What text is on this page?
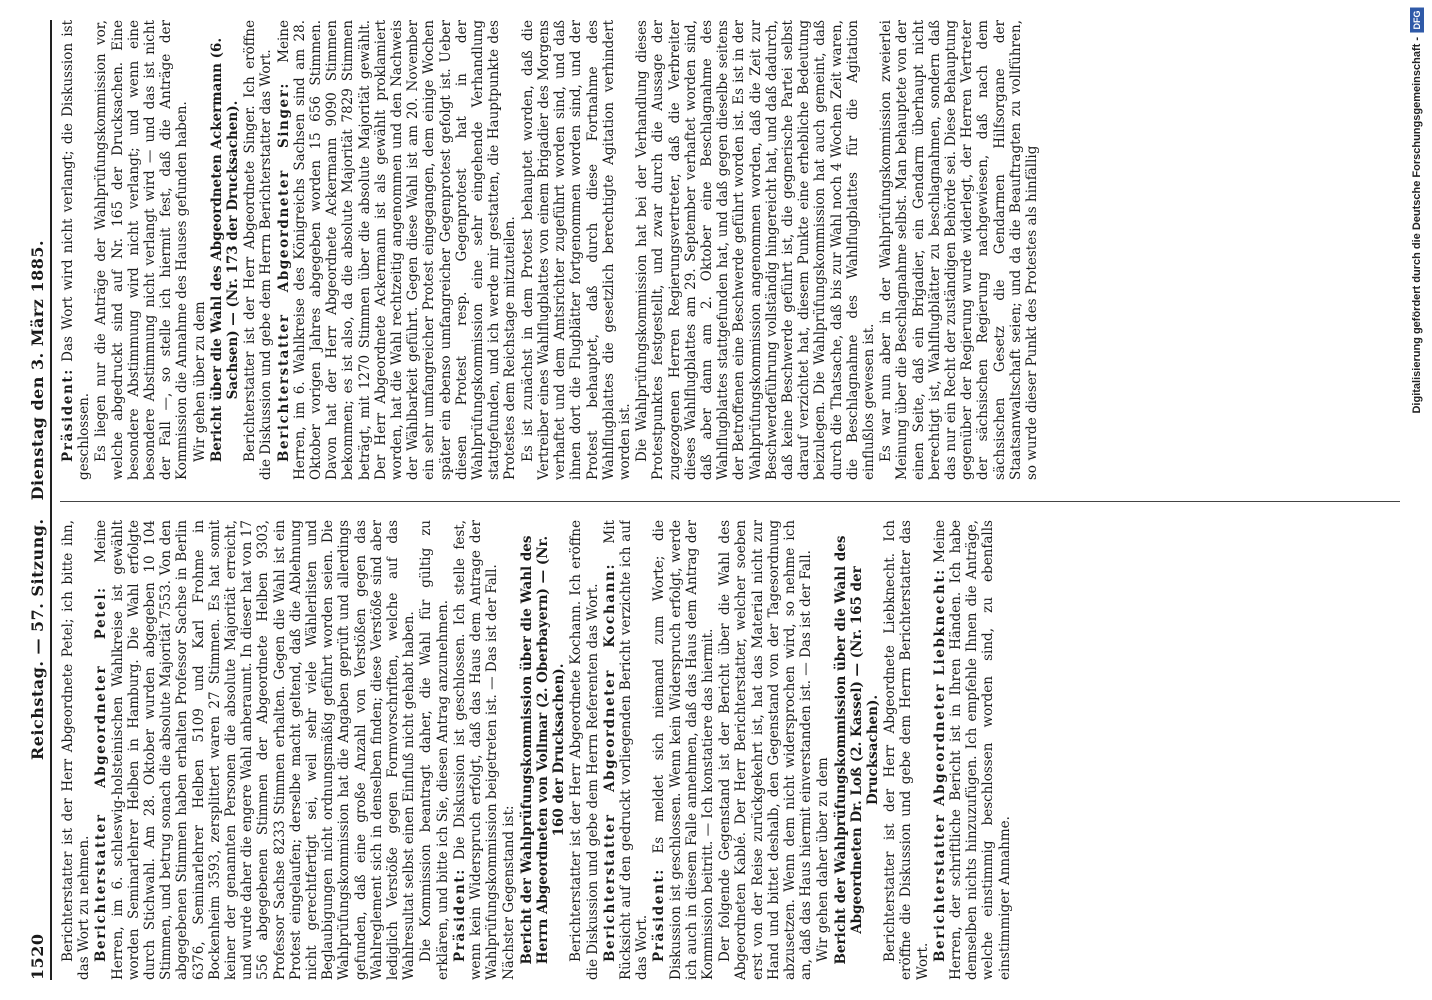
1520
Reichstag. — 57. Sitzung. Dienstag den 3. März 1885.

Berichterstatter ist der Herr Abgeordnete Petel; ich bitte ihn, das Wort zu nehmen. Berichterstatter Abgeordneter Petel: Meine Herren, im 6. schleswig-holsteinischen Wahlkreise ist gewählt worden Seminarlehrer Helben in Hamburg. Die Wahl erfolgte durch Stichwahl. Am 28. Oktober wurden abgegeben 10 104 Stimmen, und betrug sonach die absolute Majorität 7553. Von den abgegebenen Stimmen haben erhalten Professor Sachse in Berlin 6376, Seminarlehrer Helben 5109 und Karl Frohme in Bockenheim 3593, zersplittert waren 27 Stimmen. Es hat somit keiner der genannten Personen die absolute Majorität erreicht, und wurde daher die engere Wahl anberaumt. In dieser hat von 17 556 abgegebenen Stimmen der Abgeordnete Helben 9303, Professor Sachse 8233 Stimmen erhalten. Gegen die Wahl ist ein Protest eingelaufen; derselbe macht geltend, daß die Ablehnung nicht gerechtfertigt sei, weil sehr viele Wählerlisten und Beglaubigungen nicht ordnungsmäßig geführt worden seien. Die Wahlprüfungskommission hat die Angaben geprüft und allerdings gefunden, daß eine große Anzahl von Verstößen gegen das Wahlreglement sich in denselben finden; diese Verstöße sind aber lediglich Verstöße gegen Formvorschriften, welche auf das Wahlresultat selbst einen Einfluß nicht gehabt haben. Die Kommission beantragt daher, die Wahl für gültig zu erklären, und bitte ich Sie, diesen Antrag anzunehmen. Präsident: Die Diskussion ist geschlossen. Ich stelle fest, wenn kein Widerspruch erfolgt, daß das Haus dem Antrage der Wahlprüfungskommission beigetreten ist. — Das ist der Fall. Nächster Gegenstand ist: Bericht der Wahlprüfungskommission über die Wahl des Herrn Abgeordneten von Vollmar (2. Oberbayern) — (Nr. 160 der Drucksachen). Berichterstatter ist der Herr Abgeordnete Kochann. Ich eröffne die Diskussion und gebe dem Herrn Referenten das Wort. Berichterstatter Abgeordneter Kochann: Mit Rücksicht auf den gedruckt vorliegenden Bericht verzichte ich auf das Wort. Präsident: Es meldet sich niemand zum Worte; die Diskussion ist geschlossen. Wenn kein Widerspruch erfolgt, werde ich auch in diesem Falle annehmen, daß das Haus dem Antrag der Kommission beitritt. — Ich konstatiere das hiermit. Der folgende Gegenstand ist der Bericht über die Wahl des Abgeordneten Kablé. Der Herr Berichterstatter, welcher soeben erst von der Reise zurückgekehrt ist, hat das Material nicht zur Hand und bittet deshalb, den Gegenstand von der Tagesordnung abzusetzen. Wenn dem nicht widersprochen wird, so nehme ich an, daß das Haus hiermit einverstanden ist. — Das ist der Fall. Wir gehen daher über zu dem Bericht der Wahlprüfungskommission über die Wahl des Abgeordneten Dr. Loß (2. Kassel) — (Nr. 165 der Drucksachen). Berichterstatter ist der Herr Abgeordnete Liebknecht. Ich eröffne die Diskussion und gebe dem Herrn Berichterstatter das Wort. Berichterstatter Abgeordneter Liebknecht: Meine Herren, der schriftliche Bericht ist in Ihren Händen. Ich habe demselben nichts hinzuzufügen. Ich empfehle Ihnen die Anträge, welche einstimmig beschlossen worden sind, zu ebenfalls einstimmiger Annahme.

Präsident: Das Wort wird nicht verlangt; die Diskussion ist geschlossen. Es liegen nur die Anträge der Wahlprüfungskommission vor, welche abgedruckt sind auf Nr. 165 der Drucksachen. Eine besondere Abstimmung wird nicht verlangt; und wenn eine besondere Abstimmung nicht verlangt wird — und das ist nicht der Fall —, so stelle ich hiermit fest, daß die Anträge der Kommission die Annahme des Hauses gefunden haben. Wir gehen über zu dem Bericht über die Wahl des Abgeordneten Ackermann (6. Sachsen) — (Nr. 173 der Drucksachen). Berichterstatter ist der Herr Abgeordnete Singer. Ich eröffne die Diskussion und gebe dem Herrn Berichterstatter das Wort. Berichterstatter Abgeordneter Singer: Meine Herren, im 6. Wahlkreise des Königreichs Sachsen sind am 28. Oktober vorigen Jahres abgegeben worden 15 656 Stimmen. Davon hat der Herr Abgeordnete Ackermann 9090 Stimmen bekommen; es ist also, da die absolute Majorität 7829 Stimmen beträgt, mit 1270 Stimmen über die absolute Majorität gewählt. Der Herr Abgeordnete Ackermann ist als gewählt proklamiert worden, hat die Wahl rechtzeitig angenommen und den Nachweis der Wählbarkeit geführt. Gegen diese Wahl ist am 20. November ein sehr umfangreicher Protest eingegangen, dem einige Wochen später ein ebenso umfangreicher Gegenprotest gefolgt ist. Ueber diesen Protest resp. Gegenprotest hat in der Wahlprüfungskommission eine sehr eingehende Verhandlung stattgefunden, und ich werde mir gestatten, die Hauptpunkte des Protestes dem Reichstage mitzuteilen. Es ist zunächst in dem Protest behauptet worden, daß die Vertreiber eines Wahlflugblattes von einem Brigadier des Morgens verhaftet und dem Amtsrichter zugeführt worden sind, und daß ihnen dort die Flugblätter fortgenommen worden sind, und der Protest behauptet, daß durch diese Fortnahme des Wahlflugblattes die gesetzlich berechtigte Agitation verhindert worden ist. Die Wahlprüfungskommission hat bei der Verhandlung dieses Protestpunktes festgestellt, und zwar durch die Aussage der zugezogenen Herren Regierungsvertreter, daß die Verbreiter dieses Wahlflugblattes am 29. September verhaftet worden sind, daß aber dann am 2. Oktober eine Beschlagnahme des Wahlflugblattes stattgefunden hat, und daß gegen dieselbe seitens der Betroffenen eine Beschwerde geführt worden ist. Es ist in der Wahlprüfungskommission angenommen worden, daß die Zeit zur Beschwerdeführung vollständig hingereicht hat, und daß dadurch, daß keine Beschwerde geführt ist, die gegnerische Partei selbst darauf verzichtet hat, diesem Punkte eine erhebliche Bedeutung beizulegen. Die Wahlprüfungskommission hat auch gemeint, daß durch die Thatsache, daß bis zur Wahl noch 4 Wochen Zeit waren, die Beschlagnahme des Wahlflugblattes für die Agitation einflußlos gewesen ist. Es war nun aber in der Wahlprüfungskommission zweierlei Meinung über die Beschlagnahme selbst. Man behauptete von der einen Seite, daß ein Brigadier, ein Gendarm überhaupt nicht berechtigt ist, Wahlflugblätter zu beschlagnahmen, sondern daß das nur ein Recht der zuständigen Behörde sei. Diese Behauptung gegenüber der Regierung wurde widerlegt, der Herren Vertreter der sächsischen Regierung nachgewiesen, daß nach dem sächsischen Gesetz die Gendarmen Hilfsorgane der Staatsanwaltschaft seien; und da die Beauftragten zu vollführen, so wurde dieser Punkt des Protestes als hinfällig	Digitalisierung gefördert durch die Deutsche Forschungsgemeinschaft -
DFG
